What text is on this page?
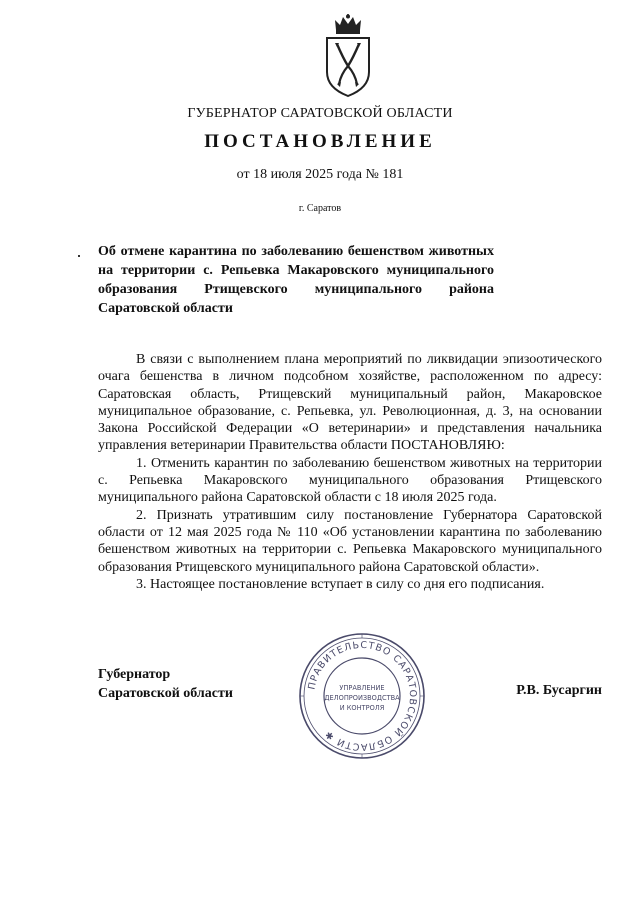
ГУБЕРНАТОР САРАТОВСКОЙ ОБЛАСТИ
ПОСТАНОВЛЕНИЕ
от 18 июля 2025 года № 181
г. Саратов
Об отмене карантина по заболеванию бешенством животных на территории с. Репьевка Макаровского муниципального образования Ртищевского муниципального района Саратовской области

В связи с выполнением плана мероприятий по ликвидации эпизоотического очага бешенства в личном подсобном хозяйстве, расположенном по адресу: Саратовская область, Ртищевский муниципальный район, Макаровское муниципальное образование, с. Репьевка, ул. Революционная, д. 3, на основании Закона Российской Федерации «О ветеринарии» и представления начальника управления ветеринарии Правительства области ПОСТАНОВЛЯЮ:

1. Отменить карантин по заболеванию бешенством животных на территории с. Репьевка Макаровского муниципального образования Ртищевского муниципального района Саратовской области с 18 июля 2025 года.

2. Признать утратившим силу постановление Губернатора Саратовской области от 12 мая 2025 года № 110 «Об установлении карантина по заболеванию бешенством животных на территории с. Репьевка Макаровского муниципального образования Ртищевского муниципального района Саратовской области».

3. Настоящее постановление вступает в силу со дня его подписания.

Губернатор
Саратовской области
ПРАВИТЕЛЬСТВО САРАТОВСКОЙ ОБЛАСТИ ✱
УПРАВЛЕНИЕ
ДЕЛОПРОИЗВОДСТВА
И КОНТРОЛЯ
Р.В. Бусаргин
